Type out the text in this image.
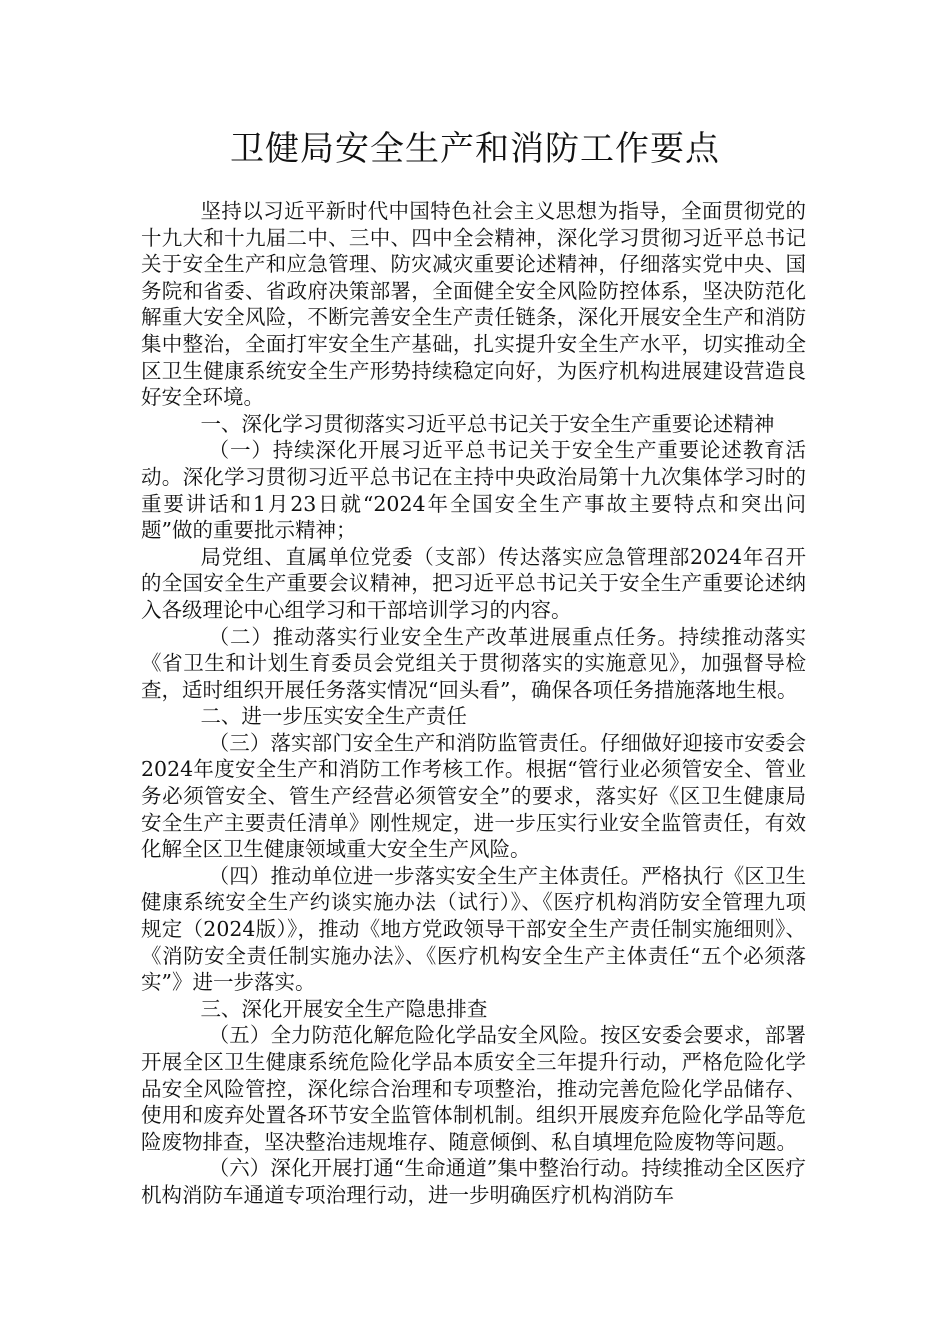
卫健局安全生产和消防工作要点

坚持以习近平新时代中国特色社会主义思想为指导，全面贯彻党的十九大和十九届二中、三中、四中全会精神，深化学习贯彻习近平总书记关于安全生产和应急管理、防灾减灾重要论述精神，仔细落实党中央、国务院和省委、省政府决策部署，全面健全安全风险防控体系，坚决防范化解重大安全风险，不断完善安全生产责任链条，深化开展安全生产和消防集中整治，全面打牢安全生产基础，扎实提升安全生产水平，切实推动全区卫生健康系统安全生产形势持续稳定向好，为医疗机构进展建设营造良好安全环境。

一、深化学习贯彻落实习近平总书记关于安全生产重要论述精神

（一）持续深化开展习近平总书记关于安全生产重要论述教育活动。深化学习贯彻习近平总书记在主持中央政治局第十九次集体学习时的重要讲话和1月23日就“2024年全国安全生产事故主要特点和突出问题”做的重要批示精神；

局党组、直属单位党委（支部）传达落实应急管理部2024年召开的全国安全生产重要会议精神，把习近平总书记关于安全生产重要论述纳入各级理论中心组学习和干部培训学习的内容。

（二）推动落实行业安全生产改革进展重点任务。持续推动落实《省卫生和计划生育委员会党组关于贯彻落实的实施意见》，加强督导检查，适时组织开展任务落实情况“回头看”，确保各项任务措施落地生根。

二、进一步压实安全生产责任

（三）落实部门安全生产和消防监管责任。仔细做好迎接市安委会2024年度安全生产和消防工作考核工作。根据“管行业必须管安全、管业务必须管安全、管生产经营必须管安全”的要求，落实好《区卫生健康局安全生产主要责任清单》刚性规定，进一步压实行业安全监管责任，有效化解全区卫生健康领域重大安全生产风险。

（四）推动单位进一步落实安全生产主体责任。严格执行《区卫生健康系统安全生产约谈实施办法（试行）》、《医疗机构消防安全管理九项规定（2024版）》，推动《地方党政领导干部安全生产责任制实施细则》、《消防安全责任制实施办法》、《医疗机构安全生产主体责任“五个必须落实”》进一步落实。

三、深化开展安全生产隐患排查

（五）全力防范化解危险化学品安全风险。按区安委会要求，部署开展全区卫生健康系统危险化学品本质安全三年提升行动，严格危险化学品安全风险管控，深化综合治理和专项整治，推动完善危险化学品储存、使用和废弃处置各环节安全监管体制机制。组织开展废弃危险化学品等危险废物排查，坚决整治违规堆存、随意倾倒、私自填埋危险废物等问题。

（六）深化开展打通“生命通道”集中整治行动。持续推动全区医疗机构消防车通道专项治理行动，进一步明确医疗机构消防车
